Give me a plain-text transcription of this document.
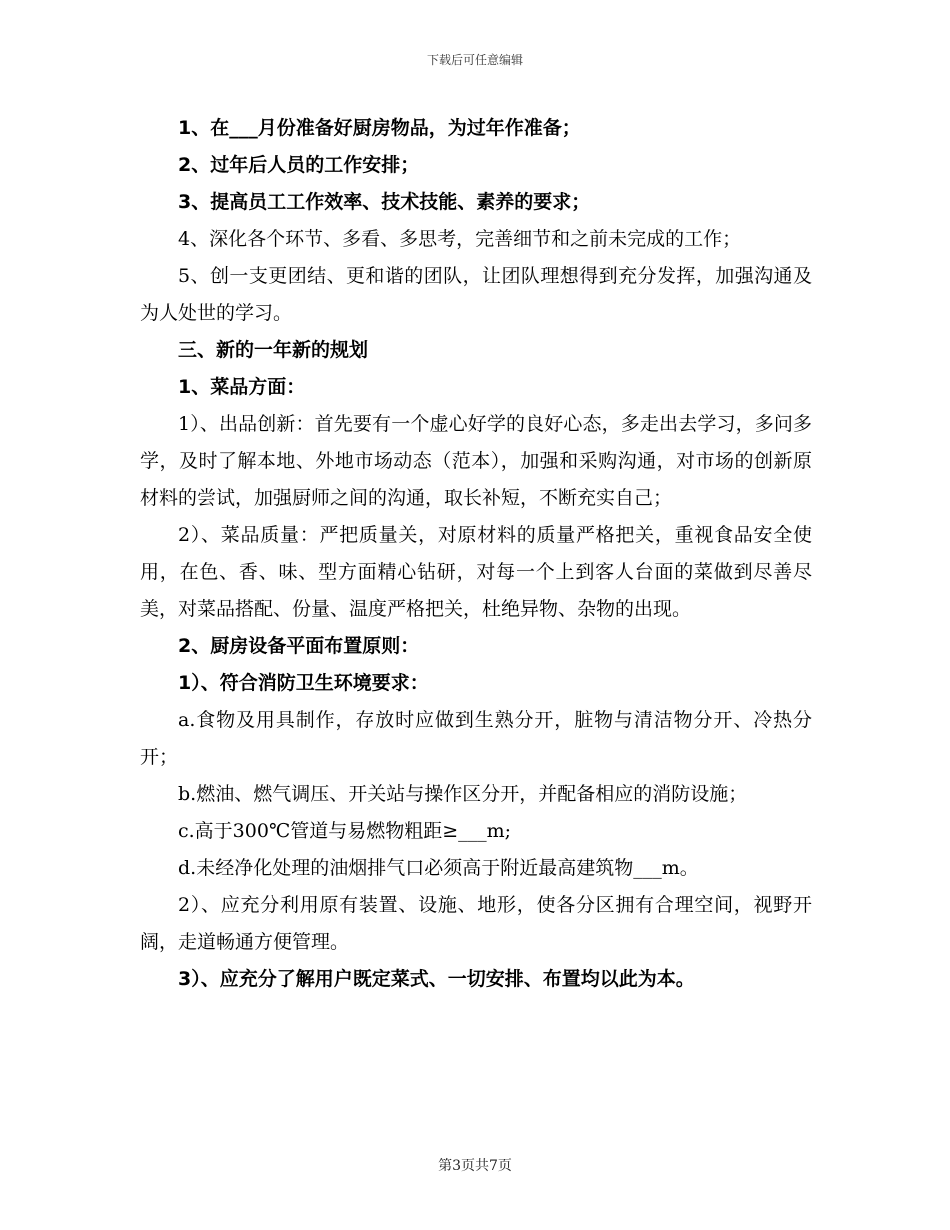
下载后可任意编辑

1、在___月份准备好厨房物品，为过年作准备；

2、过年后人员的工作安排；

3、提高员工工作效率、技术技能、素养的要求；

4、深化各个环节、多看、多思考，完善细节和之前未完成的工作；

5、创一支更团结、更和谐的团队，让团队理想得到充分发挥，加强沟通及为人处世的学习。

三、新的一年新的规划

1、菜品方面：

1）、出品创新：首先要有一个虚心好学的良好心态，多走出去学习，多问多学，及时了解本地、外地市场动态（范本），加强和采购沟通，对市场的创新原材料的尝试，加强厨师之间的沟通，取长补短，不断充实自己；

2）、菜品质量：严把质量关，对原材料的质量严格把关，重视食品安全使用，在色、香、味、型方面精心钻研，对每一个上到客人台面的菜做到尽善尽美，对菜品搭配、份量、温度严格把关，杜绝异物、杂物的出现。

2、厨房设备平面布置原则：

1）、符合消防卫生环境要求：

a.食物及用具制作，存放时应做到生熟分开，脏物与清洁物分开、冷热分开；

b.燃油、燃气调压、开关站与操作区分开，并配备相应的消防设施；

c.高于300℃管道与易燃物粗距≥___m;

d.未经净化处理的油烟排气口必须高于附近最高建筑物___m。

2）、应充分利用原有装置、设施、地形，使各分区拥有合理空间，视野开阔，走道畅通方便管理。

3）、应充分了解用户既定菜式、一切安排、布置均以此为本。

第3页共7页
